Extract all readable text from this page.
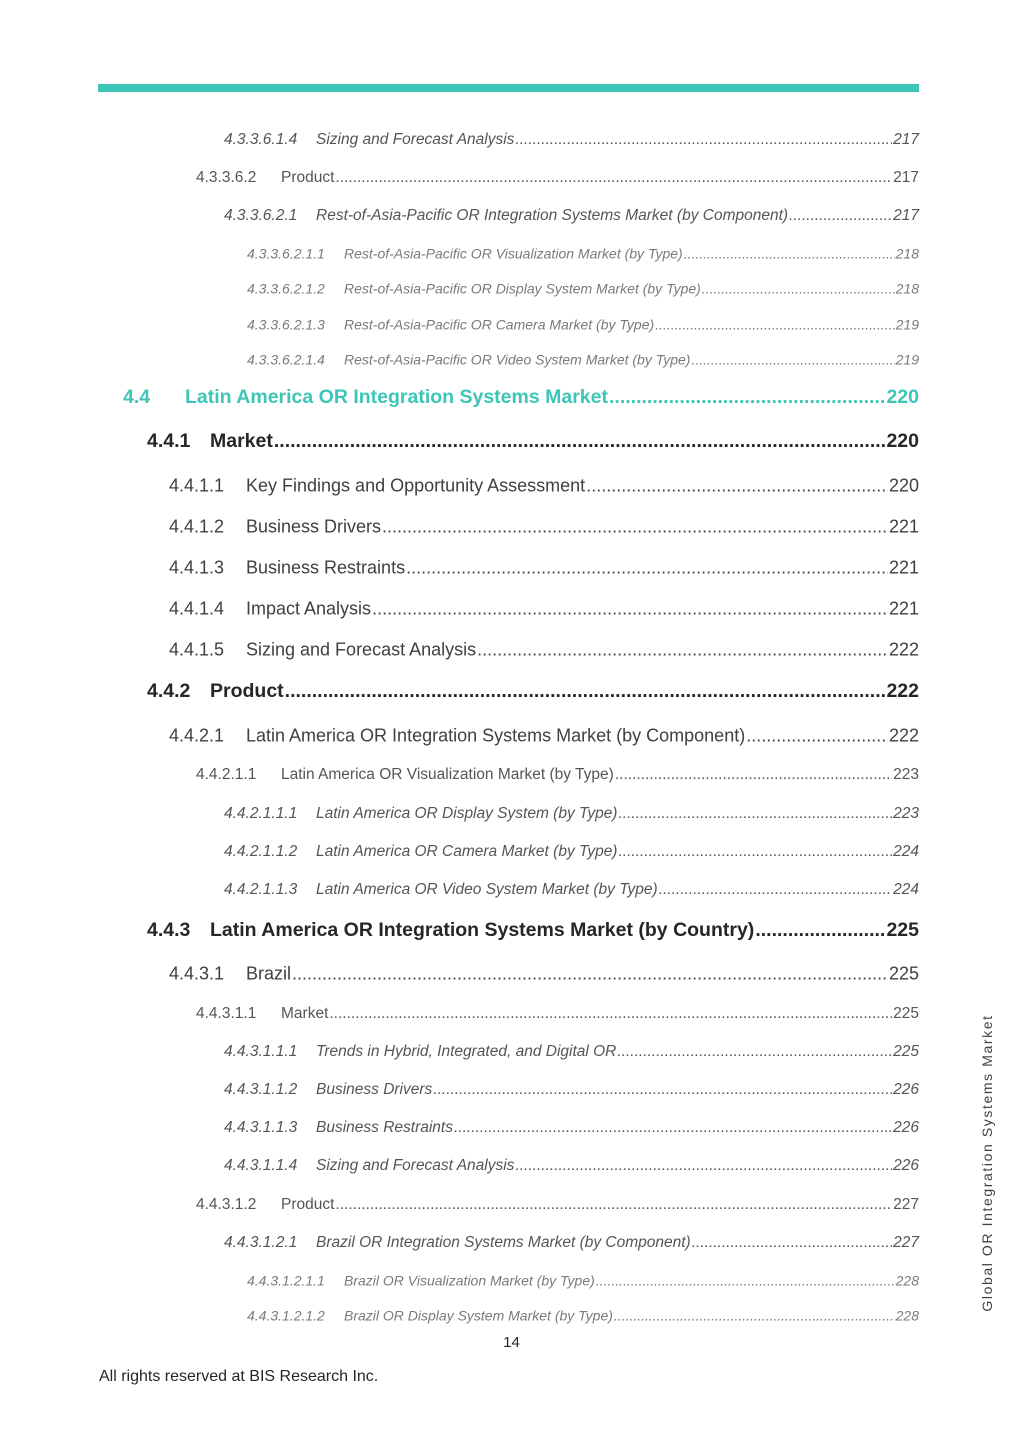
4.3.3.6.1.4	Sizing and Forecast Analysis .....	217
4.3.3.6.2	Product .....	217
4.3.3.6.2.1	Rest-of-Asia-Pacific OR Integration Systems Market (by Component) .....	217
4.3.3.6.2.1.1	Rest-of-Asia-Pacific OR Visualization Market (by Type) .....	218
4.3.3.6.2.1.2	Rest-of-Asia-Pacific OR Display System Market (by Type) .....	218
4.3.3.6.2.1.3	Rest-of-Asia-Pacific OR Camera Market (by Type) .....	219
4.3.3.6.2.1.4	Rest-of-Asia-Pacific OR Video System Market (by Type) .....	219
4.4	Latin America OR Integration Systems Market .....	220
4.4.1	Market .....	220
4.4.1.1	Key Findings and Opportunity Assessment .....	220
4.4.1.2	Business Drivers .....	221
4.4.1.3	Business Restraints .....	221
4.4.1.4	Impact Analysis .....	221
4.4.1.5	Sizing and Forecast Analysis .....	222
4.4.2	Product .....	222
4.4.2.1	Latin America OR Integration Systems Market (by Component) .....	222
4.4.2.1.1	Latin America OR Visualization Market (by Type) .....	223
4.4.2.1.1.1	Latin America OR Display System (by Type) .....	223
4.4.2.1.1.2	Latin America OR Camera Market (by Type) .....	224
4.4.2.1.1.3	Latin America OR Video System Market (by Type) .....	224
4.4.3	Latin America OR Integration Systems Market (by Country) .....	225
4.4.3.1	Brazil .....	225
4.4.3.1.1	Market .....	225
4.4.3.1.1.1	Trends in Hybrid, Integrated, and Digital OR .....	225
4.4.3.1.1.2	Business Drivers .....	226
4.4.3.1.1.3	Business Restraints .....	226
4.4.3.1.1.4	Sizing and Forecast Analysis .....	226
4.4.3.1.2	Product .....	227
4.4.3.1.2.1	Brazil OR Integration Systems Market (by Component) .....	227
4.4.3.1.2.1.1	Brazil OR Visualization Market (by Type) .....	228
4.4.3.1.2.1.2	Brazil OR Display System Market (by Type) .....	228
Global OR Integration Systems Market
14
All rights reserved at BIS Research Inc.
